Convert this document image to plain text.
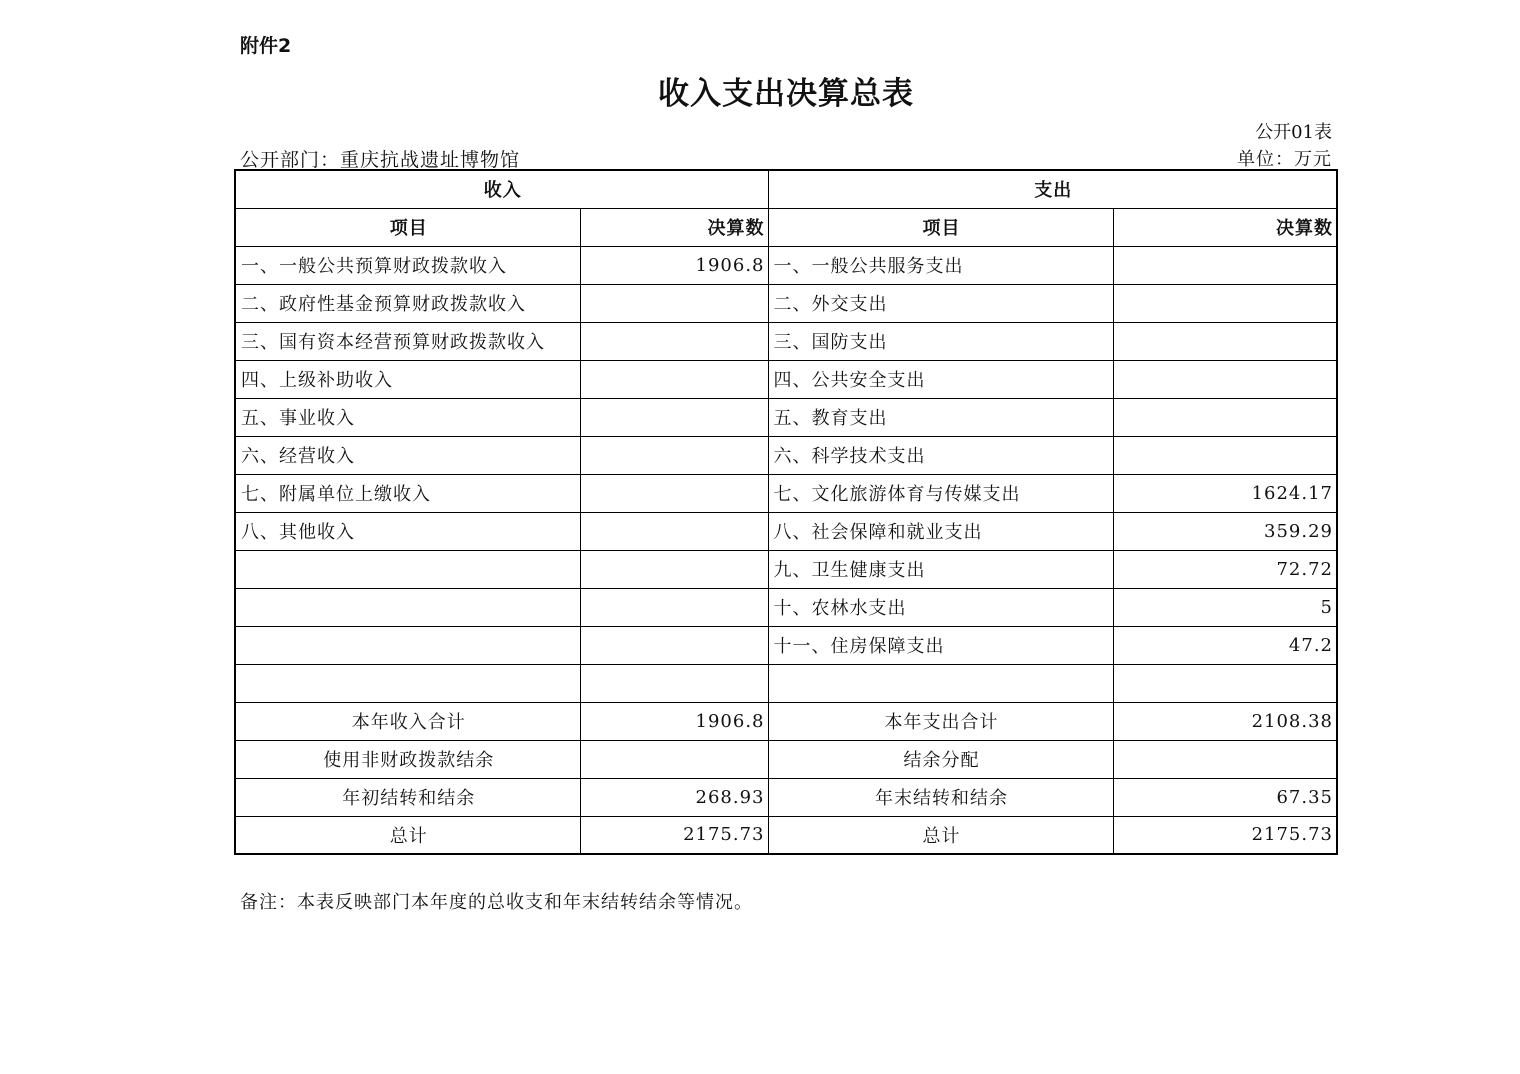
附件2
收入支出决算总表
公开01表
公开部门：重庆抗战遗址博物馆	单位：万元
收入		支出	
项目	决算数	项目	决算数
一、一般公共预算财政拨款收入	1906.8	一、一般公共服务支出	
二、政府性基金预算财政拨款收入		二、外交支出	
三、国有资本经营预算财政拨款收入		三、国防支出	
四、上级补助收入		四、公共安全支出	
五、事业收入		五、教育支出	
六、经营收入		六、科学技术支出	
七、附属单位上缴收入		七、文化旅游体育与传媒支出	1624.17
八、其他收入		八、社会保障和就业支出	359.29
		九、卫生健康支出	72.72
		十、农林水支出	5
		十一、住房保障支出	47.2

本年收入合计	1906.8	本年支出合计	2108.38
使用非财政拨款结余		结余分配	
年初结转和结余	268.93	年末结转和结余	67.35
总计	2175.73	总计	2175.73
备注：本表反映部门本年度的总收支和年末结转结余等情况。
